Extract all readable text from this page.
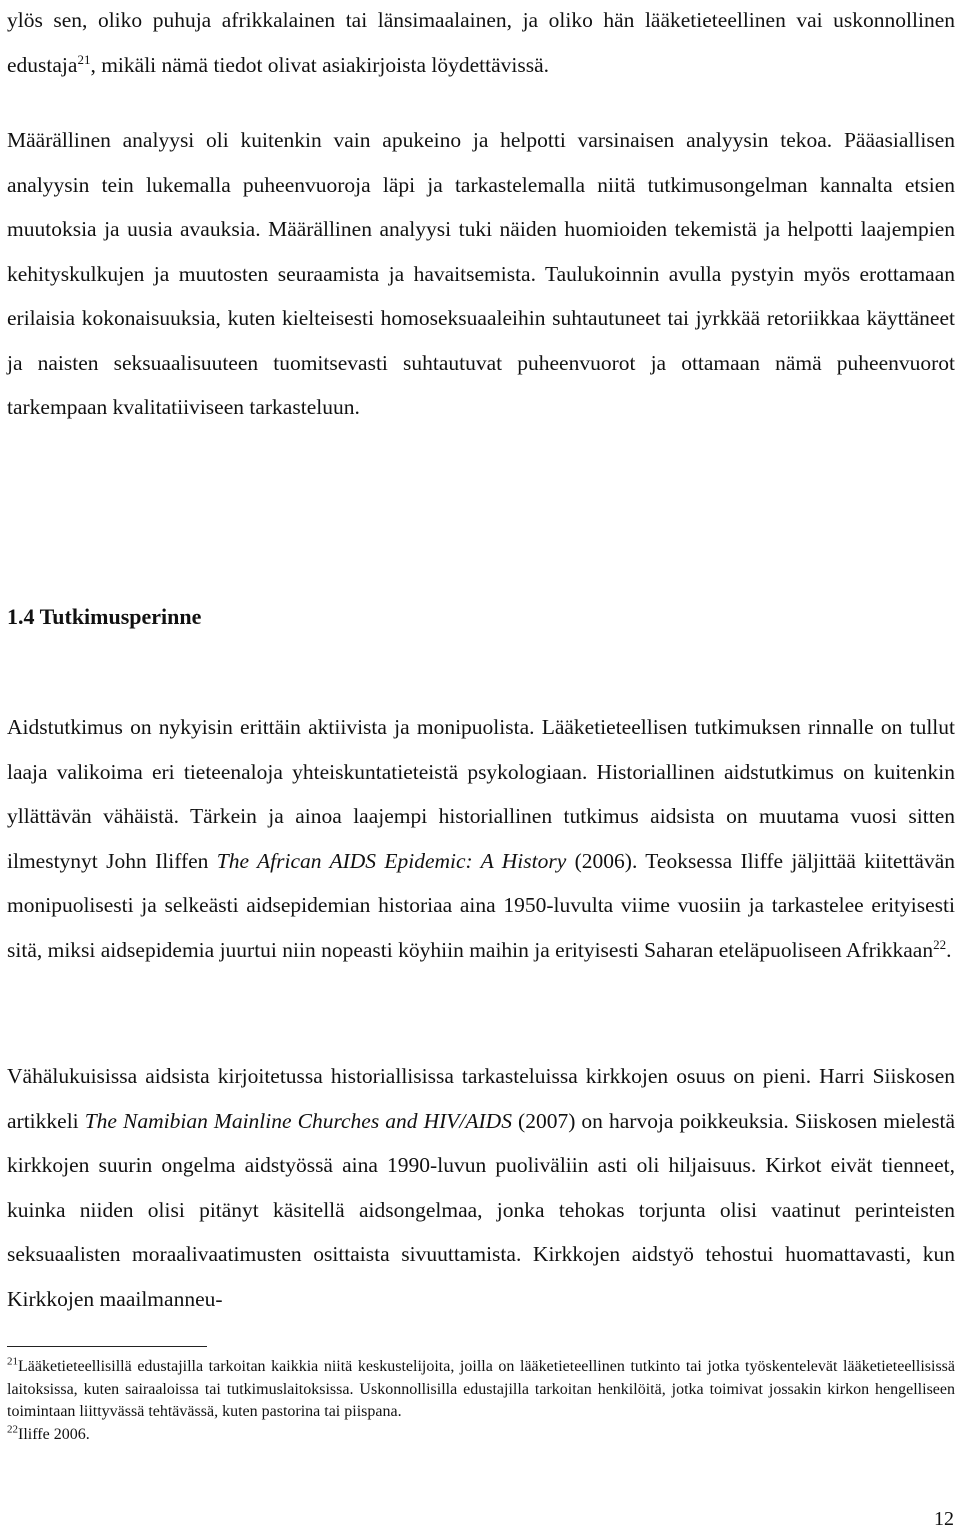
ylös sen, oliko puhuja afrikkalainen tai länsimaalainen, ja oliko hän lääketieteellinen vai uskonnollinen edustaja$^{21}$, mikäli nämä tiedot olivat asiakirjoista löydettävissä.

Määrällinen analyysi oli kuitenkin vain apukeino ja helpotti varsinaisen analyysin tekoa. Pääasiallisen analyysin tein lukemalla puheenvuoroja läpi ja tarkastelemalla niitä tutkimusongelman kannalta etsien muutoksia ja uusia avauksia. Määrällinen analyysi tuki näiden huomioiden tekemistä ja helpotti laajempien kehityskulkujen ja muutosten seuraamista ja havaitsemista. Taulukoinnin avulla pystyin myös erottamaan erilaisia kokonaisuuksia, kuten kielteisesti homoseksuaaleihin suhtautuneet tai jyrkkää retoriikkaa käyttäneet ja naisten seksuaalisuuteen tuomitsevasti suhtautuvat puheenvuorot ja ottamaan nämä puheenvuorot tarkempaan kvalitatiiviseen tarkasteluun.

1.4 Tutkimusperinne

Aidstutkimus on nykyisin erittäin aktiivista ja monipuolista. Lääketieteellisen tutkimuksen rinnalle on tullut laaja valikoima eri tieteenaloja yhteiskuntatieteistä psykologiaan. Historiallinen aidstutkimus on kuitenkin yllättävän vähäistä. Tärkein ja ainoa laajempi historiallinen tutkimus aidsista on muutama vuosi sitten ilmestynyt John Iliffen The African AIDS Epidemic: A History (2006). Teoksessa Iliffe jäljittää kiitettävän monipuolisesti ja selkeästi aidsepidemian historiaa aina 1950-luvulta viime vuosiin ja tarkastelee erityisesti sitä, miksi aidsepidemia juurtui niin nopeasti köyhiin maihin ja erityisesti Saharan eteläpuoliseen Afrikkaan$^{22}$.

Vähälukuisissa aidsista kirjoitetussa historiallisissa tarkasteluissa kirkkojen osuus on pieni. Harri Siiskosen artikkeli The Namibian Mainline Churches and HIV/AIDS (2007) on harvoja poikkeuksia. Siiskosen mielestä kirkkojen suurin ongelma aidstyössä aina 1990-luvun puoliväliin asti oli hiljaisuus. Kirkot eivät tienneet, kuinka niiden olisi pitänyt käsitellä aidsongelmaa, jonka tehokas torjunta olisi vaatinut perinteisten seksuaalisten moraalivaatimusten osittaista sivuuttamista. Kirkkojen aidstyö tehostui huomattavasti, kun Kirkkojen maailmanneu-

$^{21}$Lääketieteellisillä edustajilla tarkoitan kaikkia niitä keskustelijoita, joilla on lääketieteellinen tutkinto tai jotka työskentelevät lääketieteellisissä laitoksissa, kuten sairaaloissa tai tutkimuslaitoksissa. Uskonnollisilla edustajilla tarkoitan henkilöitä, jotka toimivat jossakin kirkon hengelliseen toimintaan liittyvässä tehtävässä, kuten pastorina tai piispana.

$^{22}$Iliffe 2006.

12
